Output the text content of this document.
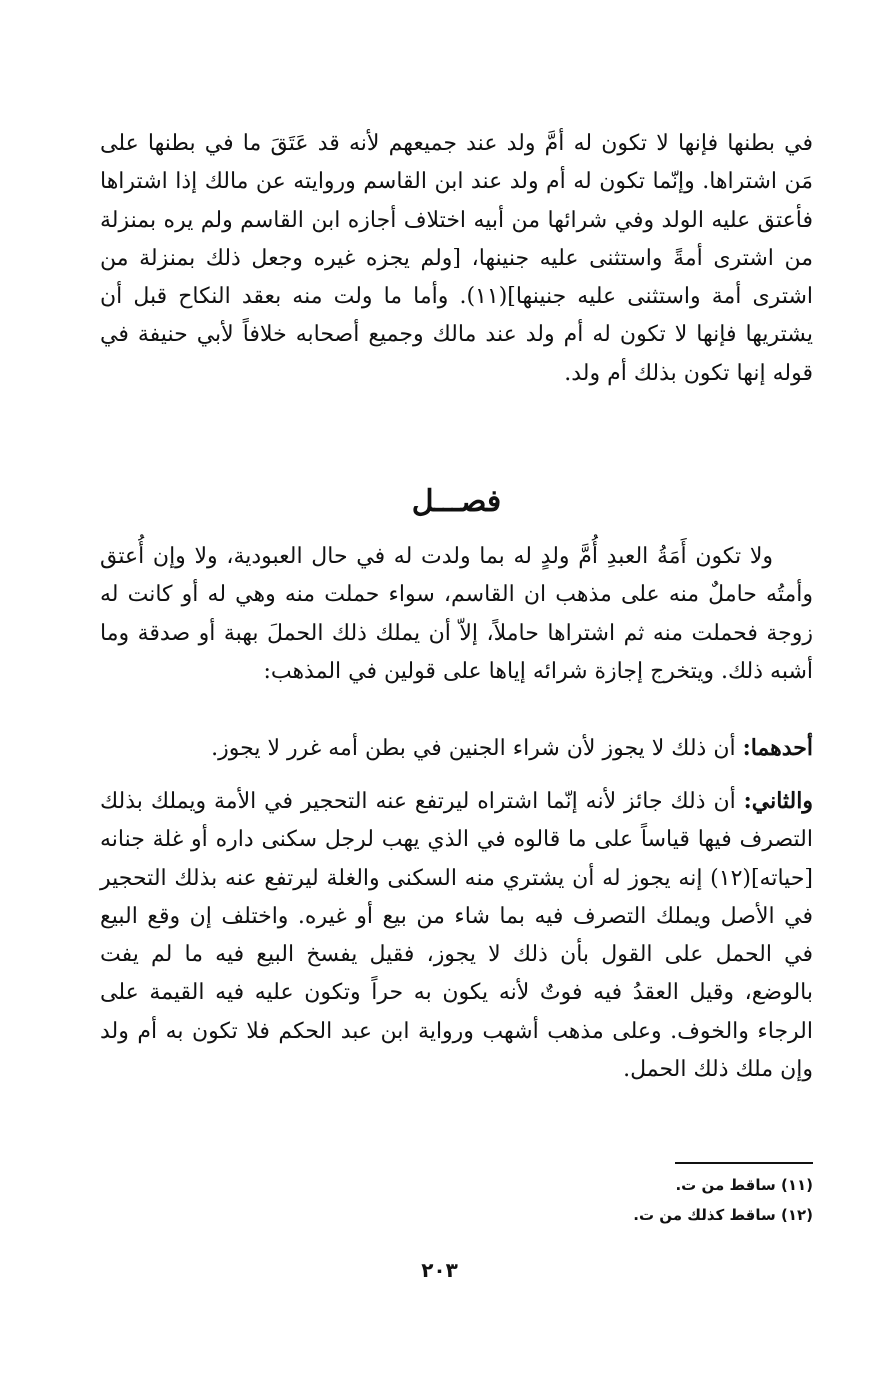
في بطنها فإنها لا تكون له أمَّ ولد عند جميعهم لأنه قد عَتَقَ ما في بطنها على مَن اشتراها. وإنّما تكون له أم ولد عند ابن القاسم وروايته عن مالك إذا اشتراها فأعتق عليه الولد وفي شرائها من أبيه اختلاف أجازه ابن القاسم ولم يره بمنزلة من اشترى أمةً واستثنى عليه جنينها، [ولم يجزه غيره وجعل ذلك بمنزلة من اشترى أمة واستثنى عليه جنينها](١١). وأما ما ولت منه بعقد النكاح قبل أن يشتريها فإنها لا تكون له أم ولد عند مالك وجميع أصحابه خلافاً لأبي حنيفة في قوله إنها تكون بذلك أم ولد.

فصـــل

ولا تكون أَمَةُ العبدِ أُمَّ ولدٍ له بما ولدت له في حال العبودية، ولا وإن أُعتق وأمتُه حاملٌ منه على مذهب ان القاسم، سواء حملت منه وهي له أو كانت له زوجة فحملت منه ثم اشتراها حاملاً، إلاّ أن يملك ذلك الحملَ بهبة أو صدقة وما أشبه ذلك. ويتخرج إجازة شرائه إياها على قولين في المذهب:

أحدهما: أن ذلك لا يجوز لأن شراء الجنين في بطن أمه غرر لا يجوز.

والثاني: أن ذلك جائز لأنه إنّما اشتراه ليرتفع عنه التحجير في الأمة ويملك بذلك التصرف فيها قياساً على ما قالوه في الذي يهب لرجل سكنى داره أو غلة جنانه [حياته](١٢) إنه يجوز له أن يشتري منه السكنى والغلة ليرتفع عنه بذلك التحجير في الأصل ويملك التصرف فيه بما شاء من بيع أو غيره. واختلف إن وقع البيع في الحمل على القول بأن ذلك لا يجوز، فقيل يفسخ البيع فيه ما لم يفت بالوضع، وقيل العقدُ فيه فوتٌ لأنه يكون به حراً وتكون عليه فيه القيمة على الرجاء والخوف. وعلى مذهب أشهب ورواية ابن عبد الحكم فلا تكون به أم ولد وإن ملك ذلك الحمل.

(١١) ساقط من ت.
(١٢) ساقط كذلك من ت.

٢٠٣
